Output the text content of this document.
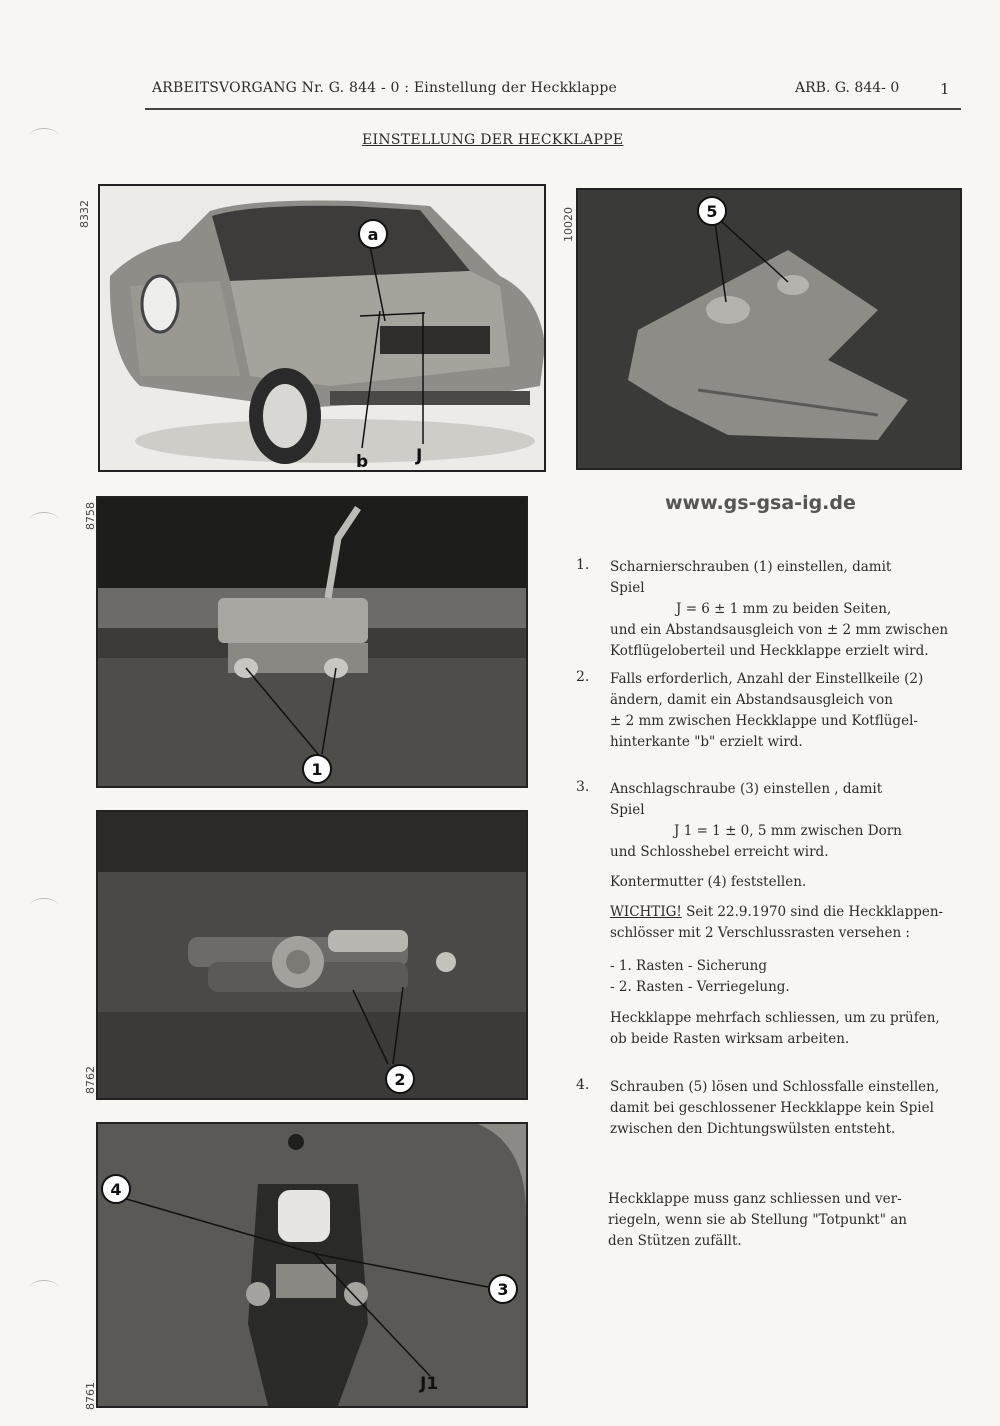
ARBEITSVORGANG Nr. G. 844 - 0 : Einstellung der Heckklappe	ARB. G. 844- 0	1
EINSTELLUNG DER HECKKLAPPE
8332
a
b	J
10020	5
8758
1
8762	2
8761
4
3
J1
www.gs-gsa-ig.de
1. Scharnierschrauben (1) einstellen, damit
Spiel
J = 6 ± 1 mm zu beiden Seiten,
und ein Abstandsausgleich von ± 2 mm zwischen
Kotflügeloberteil und Heckklappe erzielt wird.
2. Falls erforderlich, Anzahl der Einstellkeile (2)
ändern, damit ein Abstandsausgleich von
± 2 mm zwischen Heckklappe und Kotflügel-
hinterkante "b" erzielt wird.
3. Anschlagschraube (3) einstellen , damit
Spiel
J 1 = 1 ± 0, 5 mm zwischen Dorn
und Schlosshebel erreicht wird.
Kontermutter (4) feststellen.
WICHTIG! Seit 22.9.1970 sind die Heckklappen-
schlösser mit 2 Verschlussrasten versehen :
- 1. Rasten - Sicherung
- 2. Rasten - Verriegelung.
Heckklappe mehrfach schliessen, um zu prüfen,
ob beide Rasten wirksam arbeiten.
4. Schrauben (5) lösen und Schlossfalle einstellen,
damit bei geschlossener Heckklappe kein Spiel
zwischen den Dichtungswülsten entsteht.
Heckklappe muss ganz schliessen und ver-
riegeln, wenn sie ab Stellung "Totpunkt" an
den Stützen zufällt.
